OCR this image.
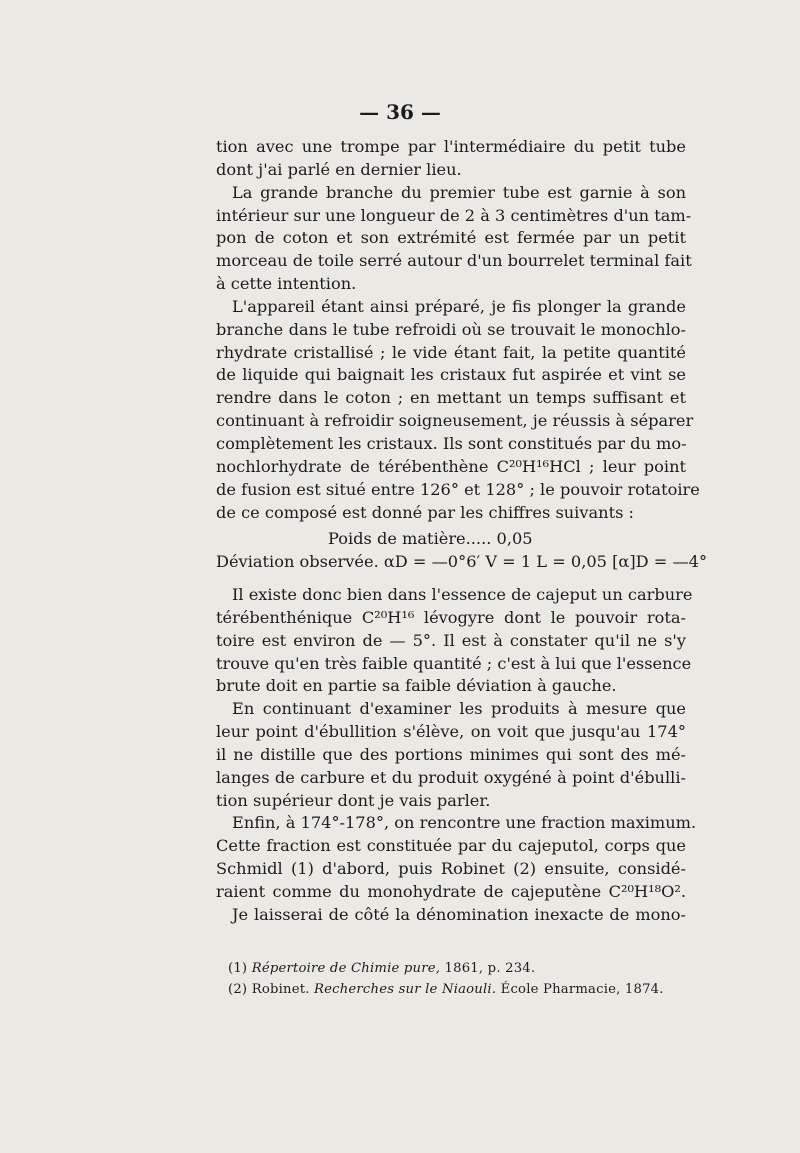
— 36 —
tion avec une trompe par l'intermédiaire du petit tube
dont j'ai parlé en dernier lieu.
La grande branche du premier tube est garnie à son
intérieur sur une longueur de 2 à 3 centimètres d'un tam-
pon de coton et son extrémité est fermée par un petit
morceau de toile serré autour d'un bourrelet terminal fait
à cette intention.
L'appareil étant ainsi préparé, je fis plonger la grande
branche dans le tube refroidi où se trouvait le monochlo-
rhydrate cristallisé ; le vide étant fait, la petite quantité
de liquide qui baignait les cristaux fut aspirée et vint se
rendre dans le coton ; en mettant un temps suffisant et
continuant à refroidir soigneusement, je réussis à séparer
complètement les cristaux. Ils sont constitués par du mo-
nochlorhydrate de térébenthène C²⁰H¹⁶HCl ; leur point
de fusion est situé entre 126° et 128° ; le pouvoir rotatoire
de ce composé est donné par les chiffres suivants :
Poids de matière..... 0,05
Déviation observée. αD = —0°6′ V = 1 L = 0,05 [α]D = —4°
Il existe donc bien dans l'essence de cajeput un carbure
térébenthénique C²⁰H¹⁶ lévogyre dont le pouvoir rota-
toire est environ de — 5°. Il est à constater qu'il ne s'y
trouve qu'en très faible quantité ; c'est à lui que l'essence
brute doit en partie sa faible déviation à gauche.
En continuant d'examiner les produits à mesure que
leur point d'ébullition s'élève, on voit que jusqu'au 174°
il ne distille que des portions minimes qui sont des mé-
langes de carbure et du produit oxygéné à point d'ébulli-
tion supérieur dont je vais parler.
Enfin, à 174°-178°, on rencontre une fraction maximum.
Cette fraction est constituée par du cajeputol, corps que
Schmidl (1) d'abord, puis Robinet (2) ensuite, considé-
raient comme du monohydrate de cajeputène C²⁰H¹⁸O².
Je laisserai de côté la dénomination inexacte de mono-
(1) Répertoire de Chimie pure, 1861, p. 234.
(2) Robinet. Recherches sur le Niaouli. École Pharmacie, 1874.
